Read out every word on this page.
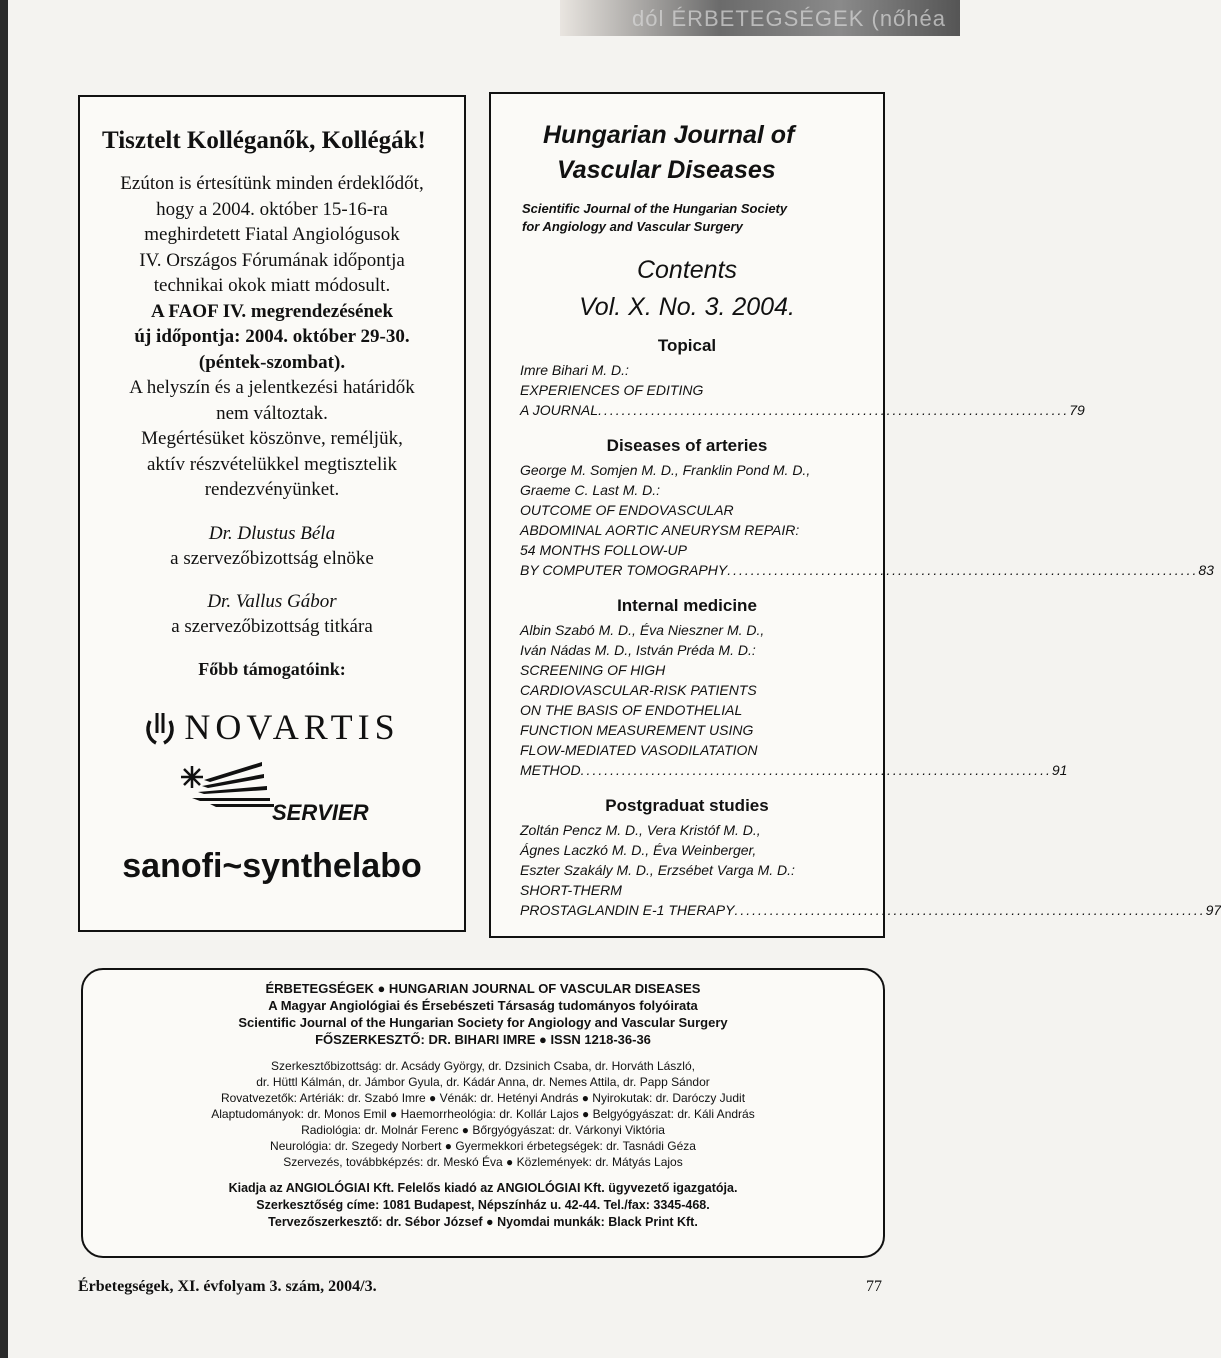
dól ÉRBETEGSÉGEK (nőhéa
Tisztelt Kolléganők, Kollégák!

Ezúton is értesítünk minden érdeklődőt,

hogy a 2004. október 15-16-ra

meghirdetett Fiatal Angiológusok

IV. Országos Fórumának időpontja

technikai okok miatt módosult.

A FAOF IV. megrendezésének

új időpontja: 2004. október 29-30.

(péntek-szombat).

A helyszín és a jelentkezési határidők

nem változtak.

Megértésüket köszönve, reméljük,

aktív részvételükkel megtisztelik

rendezvényünket.

Dr. Dlustus Béla
a szervezőbizottság elnöke
Dr. Vallus Gábor
a szervezőbizottság titkára
Főbb támogatóink:
NOVARTIS
SERVIER
sanofi~synthelabo
Hungarian Journal of
Vascular Diseases
Scientific Journal of the Hungarian Society
for Angiology and Vascular Surgery
Contents
Vol. X. No. 3. 2004.
Topical
Imre Bihari M. D.:
EXPERIENCES OF EDITING
A JOURNAL ................................................................................ 79
Diseases of arteries
George M. Somjen M. D., Franklin Pond M. D.,
Graeme C. Last M. D.:
OUTCOME OF ENDOVASCULAR
ABDOMINAL AORTIC ANEURYSM REPAIR:
54 MONTHS FOLLOW-UP
BY COMPUTER TOMOGRAPHY ................................................................................ 83
Internal medicine
Albin Szabó M. D., Éva Nieszner M. D.,
Iván Nádas M. D., István Préda M. D.:
SCREENING OF HIGH
CARDIOVASCULAR-RISK PATIENTS
ON THE BASIS OF ENDOTHELIAL
FUNCTION MEASUREMENT USING
FLOW-MEDIATED VASODILATATION
METHOD ................................................................................ 91
Postgraduat studies
Zoltán Pencz M. D., Vera Kristóf M. D.,
Ágnes Laczkó M. D., Éva Weinberger,
Eszter Szakály M. D., Erzsébet Varga M. D.:
SHORT-THERM
PROSTAGLANDIN E-1 THERAPY ................................................................................ 97
ÉRBETEGSÉGEK ● HUNGARIAN JOURNAL OF VASCULAR DISEASES
A Magyar Angiológiai és Érsebészeti Társaság tudományos folyóirata
Scientific Journal of the Hungarian Society for Angiology and Vascular Surgery
FŐSZERKESZTŐ: DR. BIHARI IMRE ● ISSN 1218-36-36
Szerkesztőbizottság: dr. Acsády György, dr. Dzsinich Csaba, dr. Horváth László,
dr. Hüttl Kálmán, dr. Jámbor Gyula, dr. Kádár Anna, dr. Nemes Attila, dr. Papp Sándor
Rovatvezetők: Artériák: dr. Szabó Imre ● Vénák: dr. Hetényi András ● Nyirokutak: dr. Daróczy Judit
Alaptudományok: dr. Monos Emil ● Haemorrheológia: dr. Kollár Lajos ● Belgyógyászat: dr. Káli András
Radiológia: dr. Molnár Ferenc ● Bőrgyógyászat: dr. Várkonyi Viktória
Neurológia: dr. Szegedy Norbert ● Gyermekkori érbetegségek: dr. Tasnádi Géza
Szervezés, továbbképzés: dr. Meskó Éva ● Közlemények: dr. Mátyás Lajos
Kiadja az ANGIOLÓGIAI Kft. Felelős kiadó az ANGIOLÓGIAI Kft. ügyvezető igazgatója.
Szerkesztőség címe: 1081 Budapest, Népszínház u. 42-44. Tel./fax: 3345-468.
Tervezőszerkesztő: dr. Sébor József ● Nyomdai munkák: Black Print Kft.
Érbetegségek, XI. évfolyam 3. szám, 2004/3.	77
